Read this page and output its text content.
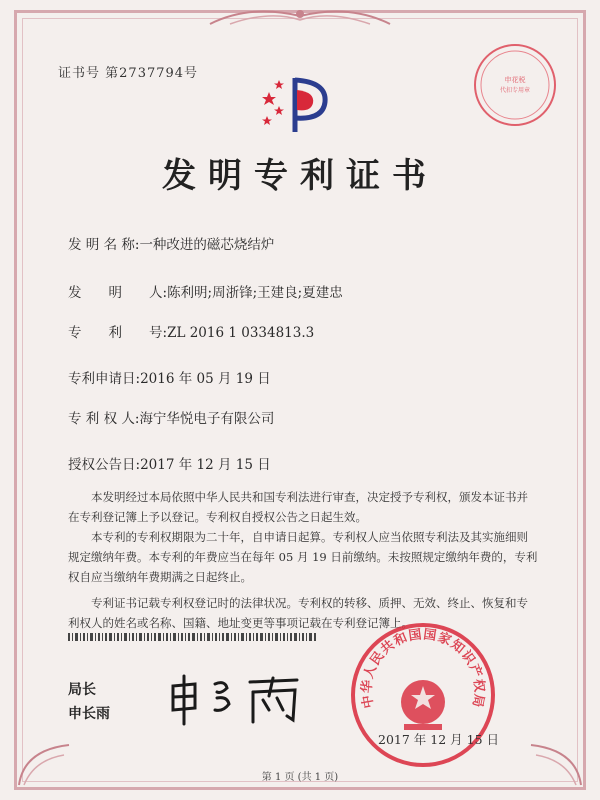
证书号 第2737794号	申花税
代扣专用章
发明专利证书
发 明 名 称:一种改进的磁芯烧结炉
发　　明　　人:陈利明;周浙锋;王建良;夏建忠
专　　利　　号:ZL 2016 1 0334813.3
专利申请日:2016 年 05 月 19 日
专 利 权 人:海宁华悦电子有限公司
授权公告日:2017 年 12 月 15 日

本发明经过本局依照中华人民共和国专利法进行审查，决定授予专利权，颁发本证书并在专利登记簿上予以登记。专利权自授权公告之日起生效。

本专利的专利权期限为二十年，自申请日起算。专利权人应当依照专利法及其实施细则规定缴纳年费。本专利的年费应当在每年 05 月 19 日前缴纳。未按照规定缴纳年费的，专利权自应当缴纳年费期满之日起终止。

专利证书记载专利权登记时的法律状况。专利权的转移、质押、无效、终止、恢复和专利权人的姓名或名称、国籍、地址变更等事项记载在专利登记簿上。

局长
申长雨
中华人民共和国国家知识产权局
2017 年 12 月 15 日
第 1 页 (共 1 页)
